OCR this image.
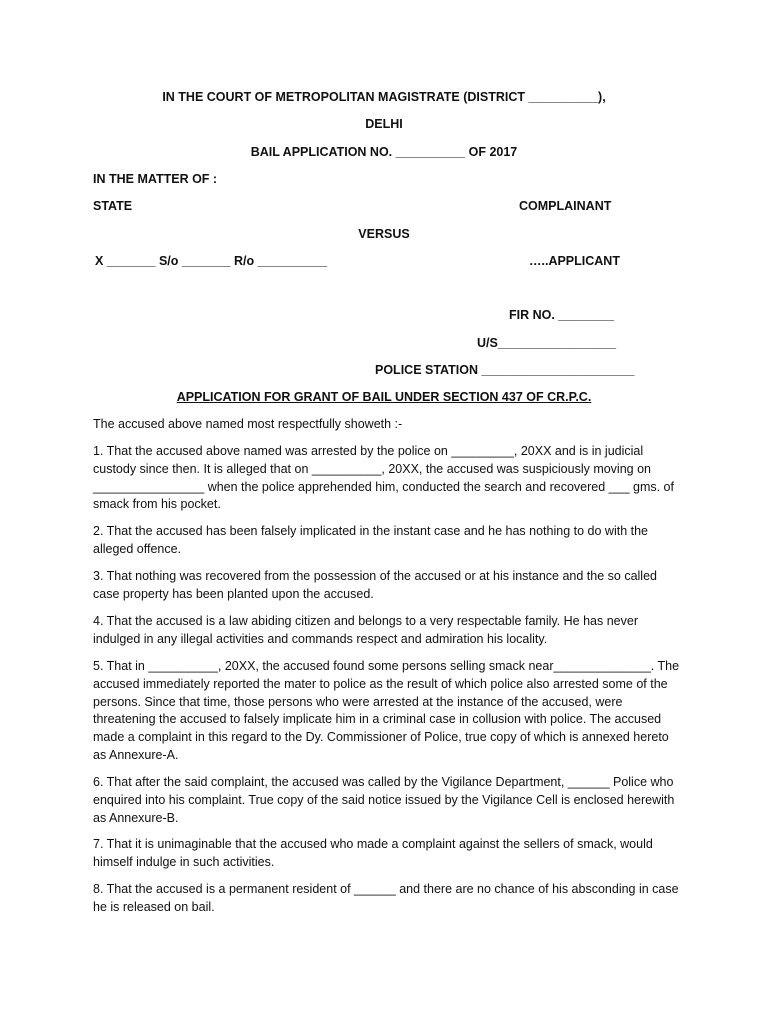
IN THE COURT OF METROPOLITAN MAGISTRATE (DISTRICT __________),
DELHI
BAIL APPLICATION NO. __________ OF 2017
IN THE MATTER OF :
STATE	COMPLAINANT
VERSUS
X _______ S/o _______ R/o __________	…..APPLICANT
FIR NO. ________
U/S_________________
POLICE STATION ______________________
APPLICATION FOR GRANT OF BAIL UNDER SECTION 437 OF CR.P.C.
The accused above named most respectfully showeth :-
1. That the accused above named was arrested by the police on _________, 20XX and is in judicial custody since then. It is alleged that on __________, 20XX, the accused was suspiciously moving on ________________ when the police apprehended him, conducted the search and recovered ___ gms. of smack from his pocket.
2. That the accused has been falsely implicated in the instant case and he has nothing to do with the alleged offence.
3. That nothing was recovered from the possession of the accused or at his instance and the so called case property has been planted upon the accused.
4. That the accused is a law abiding citizen and belongs to a very respectable family. He has never indulged in any illegal activities and commands respect and admiration his locality.
5. That in __________, 20XX, the accused found some persons selling smack near______________. The accused immediately reported the mater to police as the result of which police also arrested some of the persons. Since that time, those persons who were arrested at the instance of the accused, were threatening the accused to falsely implicate him in a criminal case in collusion with police. The accused made a complaint in this regard to the Dy. Commissioner of Police, true copy of which is annexed hereto as Annexure-A.
6. That after the said complaint, the accused was called by the Vigilance Department, ______ Police who enquired into his complaint. True copy of the said notice issued by the Vigilance Cell is enclosed herewith as Annexure-B.
7. That it is unimaginable that the accused who made a complaint against the sellers of smack, would himself indulge in such activities.
8. That the accused is a permanent resident of ______ and there are no chance of his absconding in case he is released on bail.
